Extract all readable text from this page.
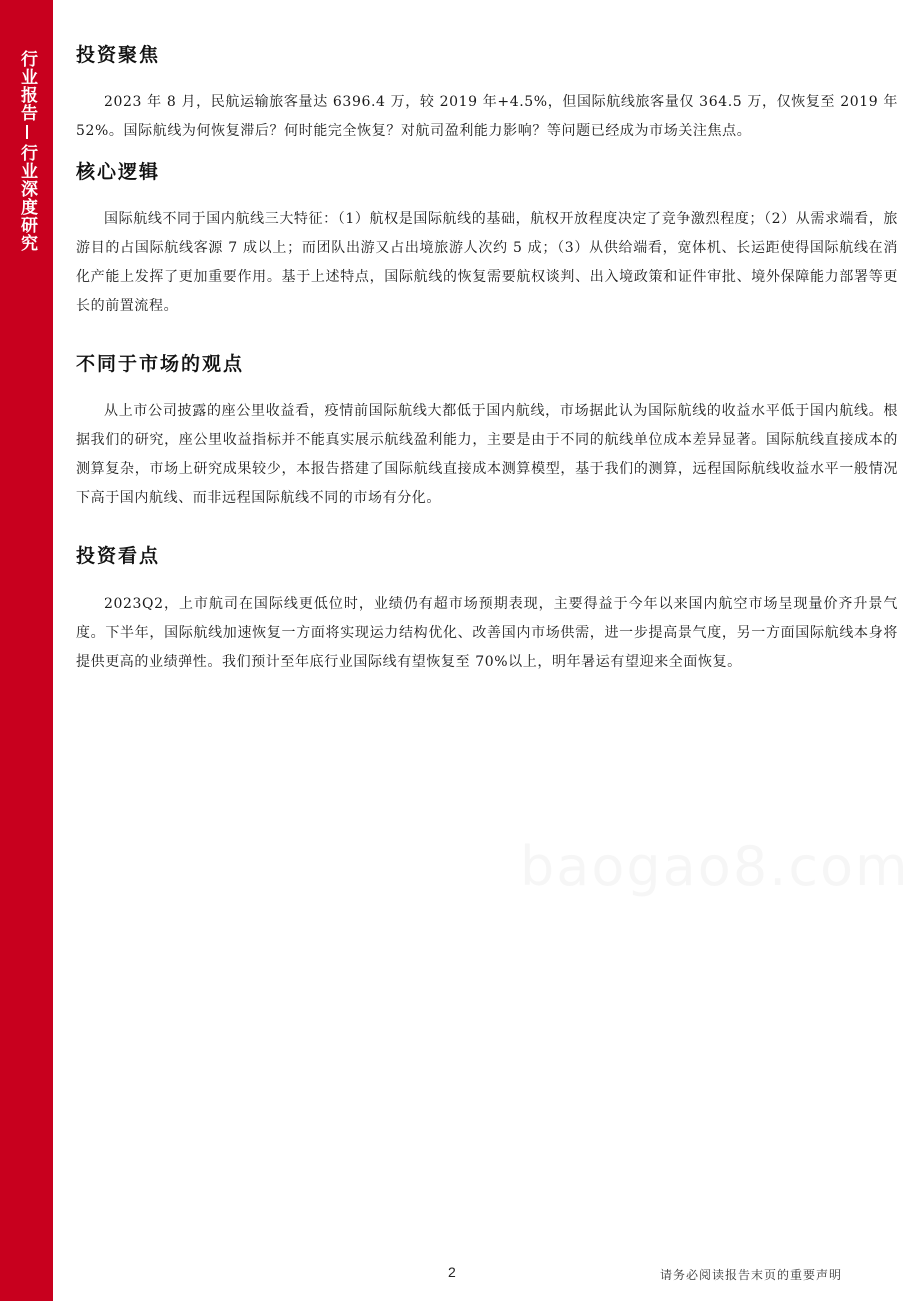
行业报告
行业深度研究
投资聚焦

2023 年 8 月，民航运输旅客量达 6396.4 万，较 2019 年+4.5%，但国际航线旅客量仅 364.5 万，仅恢复至 2019 年 52%。国际航线为何恢复滞后？何时能完全恢复？对航司盈利能力影响？等问题已经成为市场关注焦点。

核心逻辑

国际航线不同于国内航线三大特征：（1）航权是国际航线的基础，航权开放程度决定了竞争激烈程度；（2）从需求端看，旅游目的占国际航线客源 7 成以上；而团队出游又占出境旅游人次约 5 成；（3）从供给端看，宽体机、长运距使得国际航线在消化产能上发挥了更加重要作用。基于上述特点，国际航线的恢复需要航权谈判、出入境政策和证件审批、境外保障能力部署等更长的前置流程。

不同于市场的观点

从上市公司披露的座公里收益看，疫情前国际航线大都低于国内航线，市场据此认为国际航线的收益水平低于国内航线。根据我们的研究，座公里收益指标并不能真实展示航线盈利能力，主要是由于不同的航线单位成本差异显著。国际航线直接成本的测算复杂，市场上研究成果较少，本报告搭建了国际航线直接成本测算模型，基于我们的测算，远程国际航线收益水平一般情况下高于国内航线、而非远程国际航线不同的市场有分化。

投资看点

2023Q2，上市航司在国际线更低位时，业绩仍有超市场预期表现，主要得益于今年以来国内航空市场呈现量价齐升景气度。下半年，国际航线加速恢复一方面将实现运力结构优化、改善国内市场供需，进一步提高景气度，另一方面国际航线本身将提供更高的业绩弹性。我们预计至年底行业国际线有望恢复至 70%以上，明年暑运有望迎来全面恢复。

2	请务必阅读报告末页的重要声明
